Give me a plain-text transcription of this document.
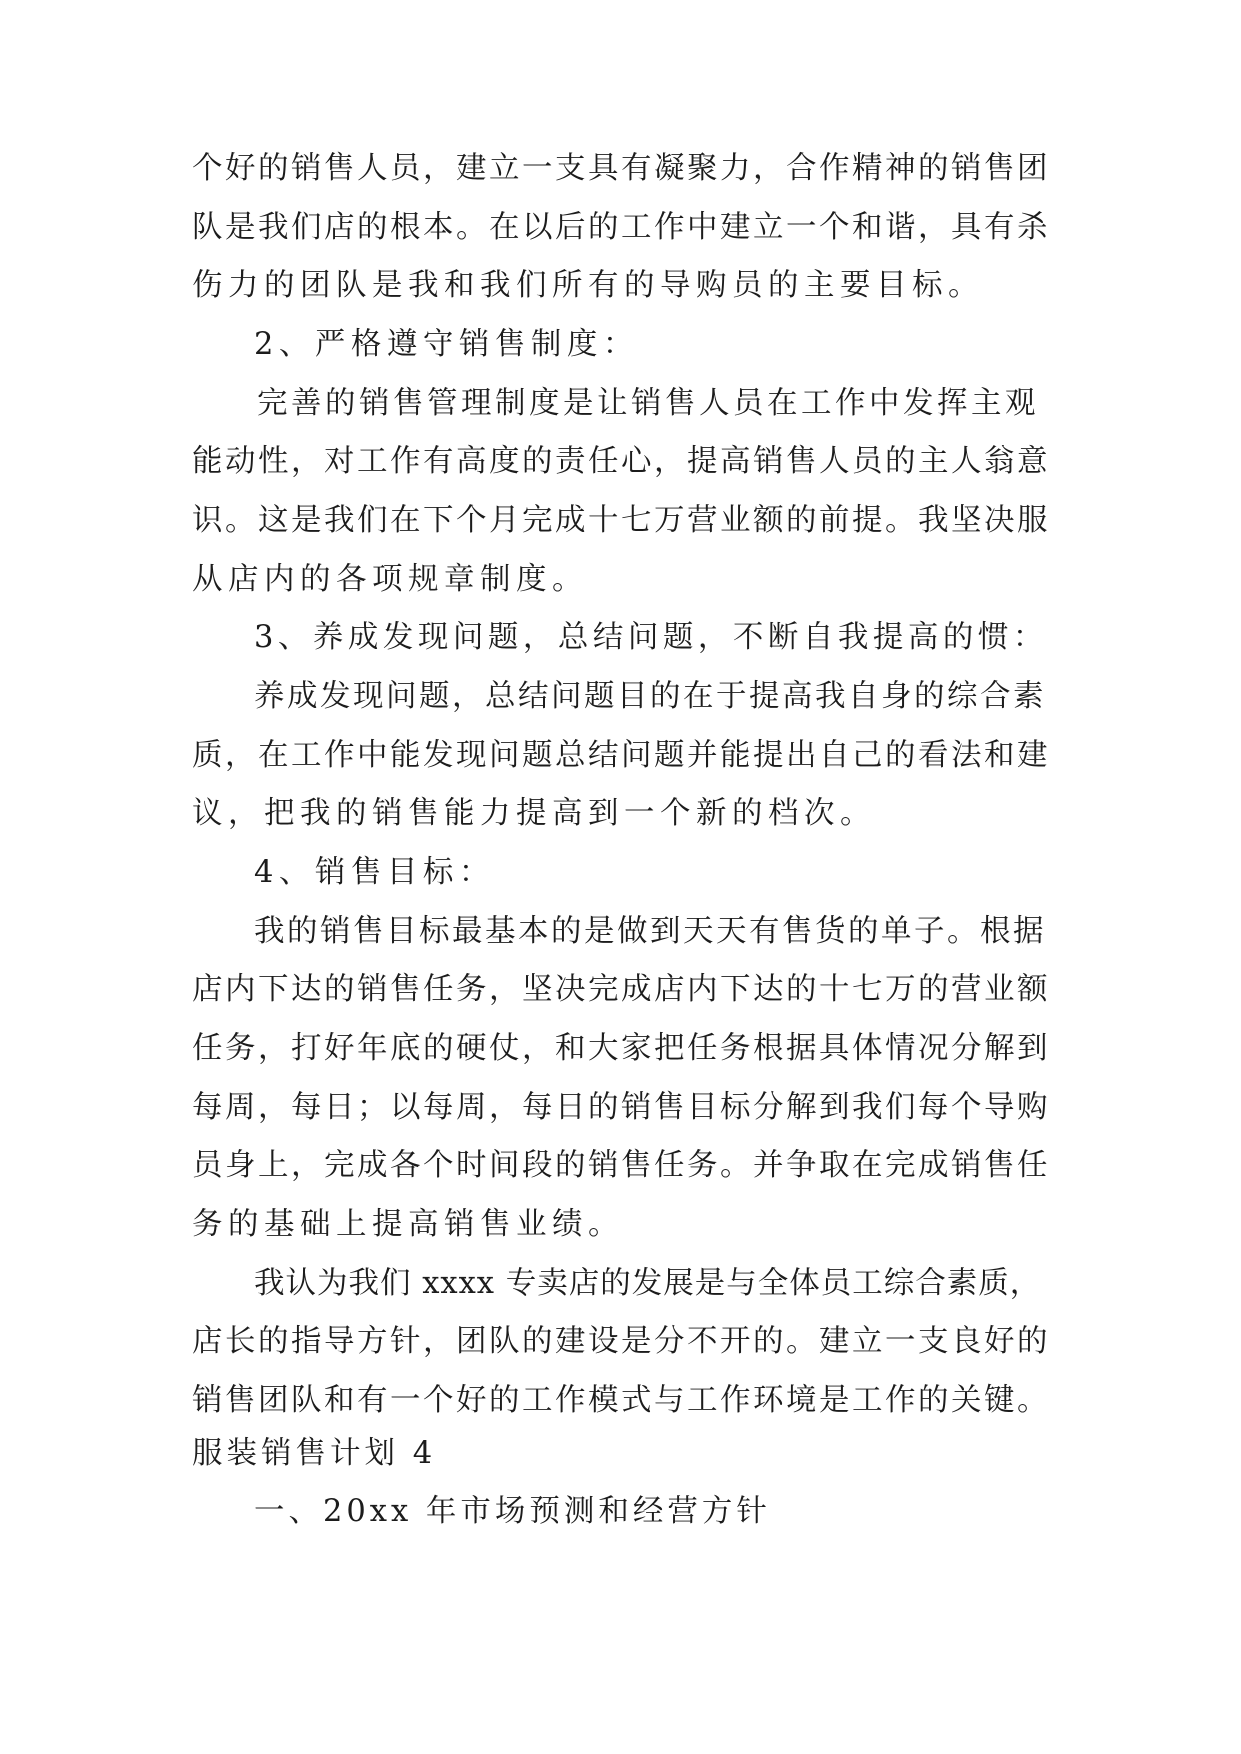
个好的销售人员，建立一支具有凝聚力，合作精神的销售团
队是我们店的根本。在以后的工作中建立一个和谐，具有杀
伤力的团队是我和我们所有的导购员的主要目标。
2、严格遵守销售制度：
完善的销售管理制度是让销售人员在工作中发挥主观
能动性，对工作有高度的责任心，提高销售人员的主人翁意
识。这是我们在下个月完成十七万营业额的前提。我坚决服
从店内的各项规章制度。
3、养成发现问题，总结问题，不断自我提高的惯：
养成发现问题，总结问题目的在于提高我自身的综合素
质，在工作中能发现问题总结问题并能提出自己的看法和建
议，把我的销售能力提高到一个新的档次。
4、销售目标：
我的销售目标最基本的是做到天天有售货的单子。根据
店内下达的销售任务，坚决完成店内下达的十七万的营业额
任务，打好年底的硬仗，和大家把任务根据具体情况分解到
每周，每日；以每周，每日的销售目标分解到我们每个导购
员身上，完成各个时间段的销售任务。并争取在完成销售任
务的基础上提高销售业绩。
我认为我们 xxxx 专卖店的发展是与全体员工综合素质，
店长的指导方针，团队的建设是分不开的。建立一支良好的
销售团队和有一个好的工作模式与工作环境是工作的关键。
服装销售计划 4
一、20xx 年市场预测和经营方针
